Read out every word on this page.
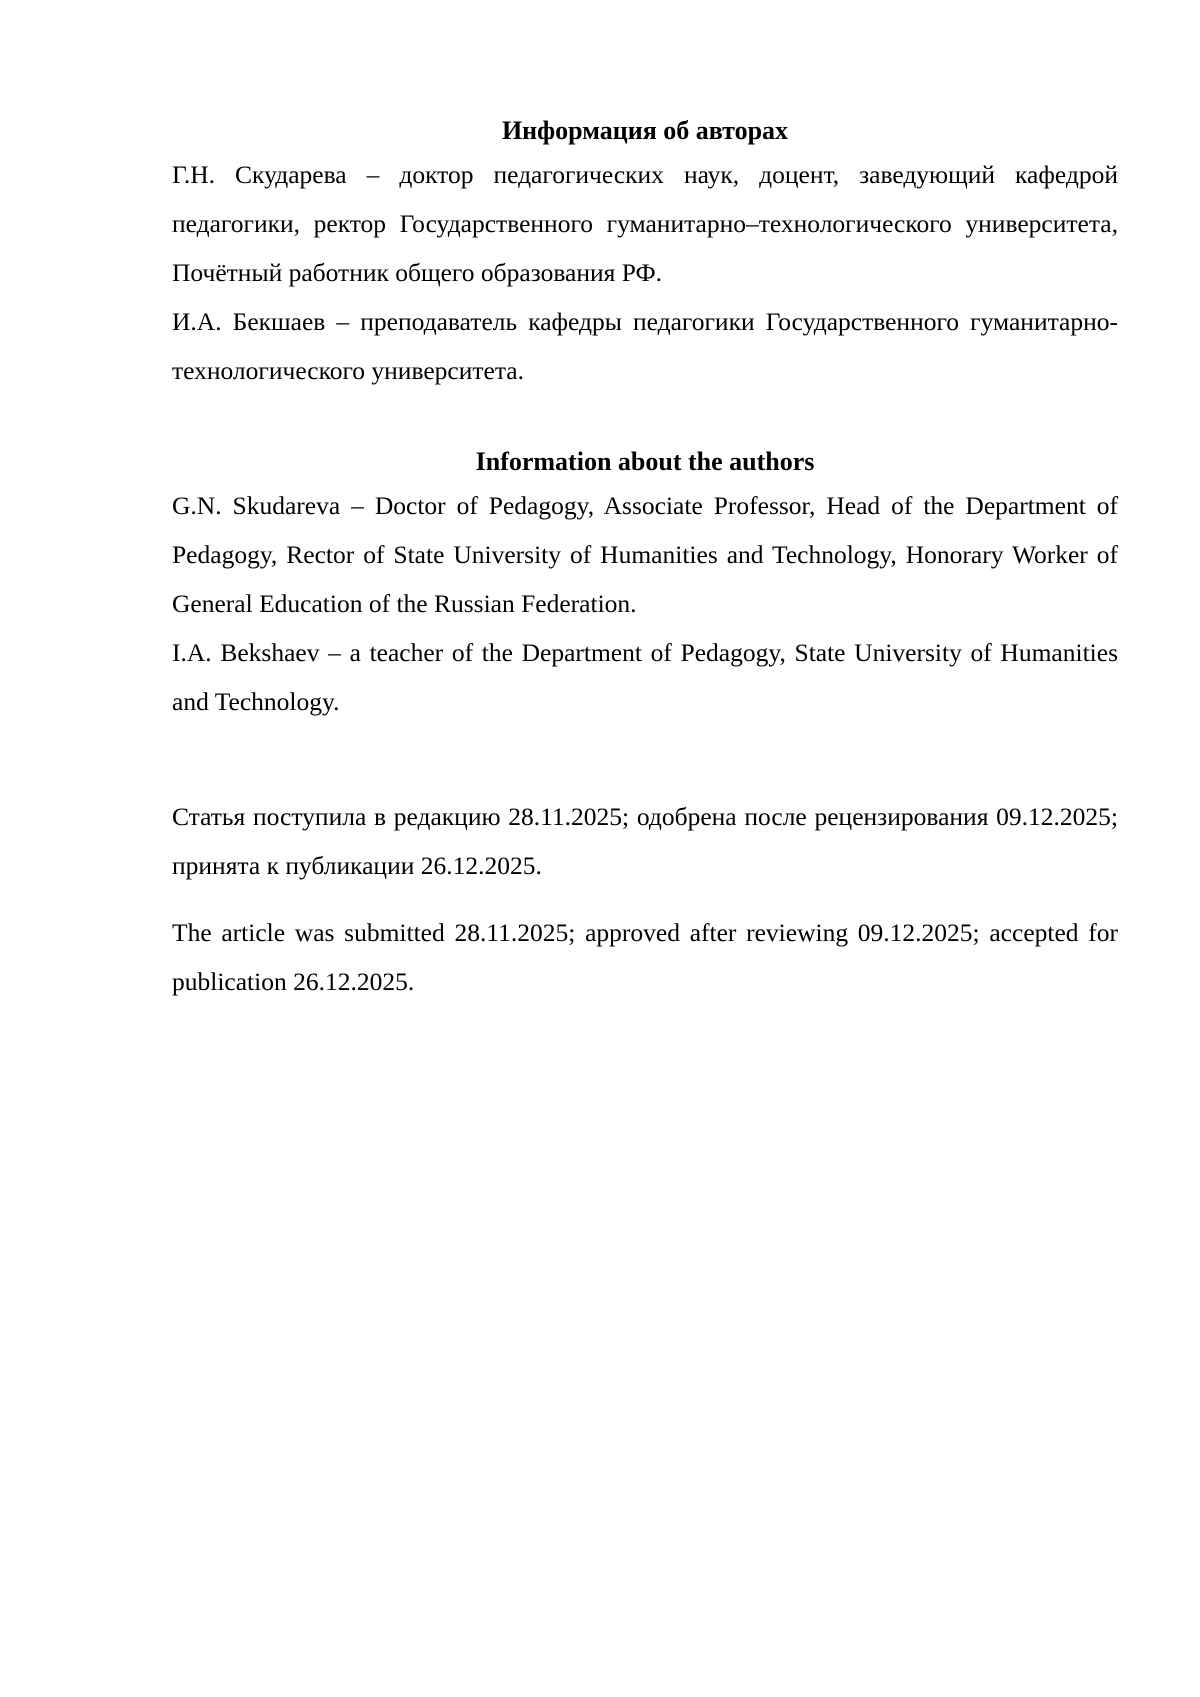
Информация об авторах

Г.Н. Скударева – доктор педагогических наук, доцент, заведующий кафедрой педагогики, ректор Государственного гуманитарно–технологического университета, Почётный работник общего образования РФ.

И.А. Бекшаев – преподаватель кафедры педагогики Государственного гуманитарно-технологического университета.

Information about the authors

G.N. Skudareva – Doctor of Pedagogy, Associate Professor, Head of the Department of Pedagogy, Rector of State University of Humanities and Technology, Honorary Worker of General Education of the Russian Federation.

I.A. Bekshaev – a teacher of the Department of Pedagogy, State University of Humanities and Technology.

Статья поступила в редакцию 28.11.2025; одобрена после рецензирования 09.12.2025; принята к публикации 26.12.2025.

The article was submitted 28.11.2025; approved after reviewing 09.12.2025; accepted for publication 26.12.2025.
